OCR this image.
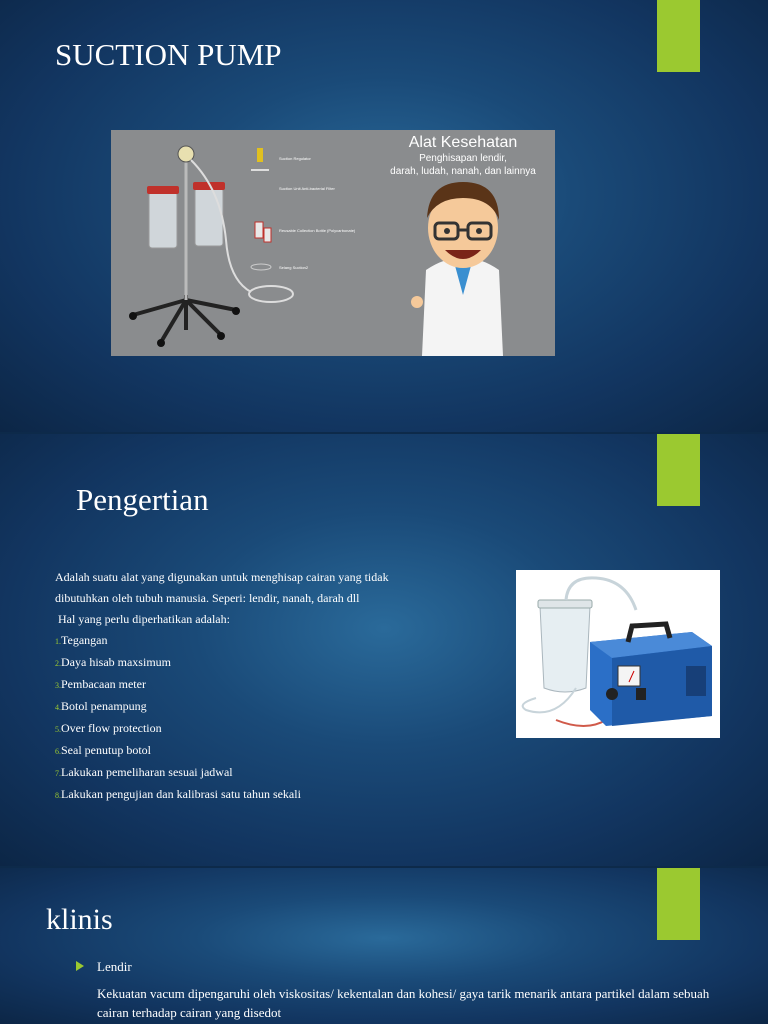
SUCTION PUMP
Alat Kesehatan
Penghisapan lendir,
darah, ludah, nanah, dan lainnya
Suction Regulator
Suction Unit Anti-bacterial Filter
Reusable Collection Bottle (Polycarbonate)
Selang Suction2
Pengertian

Adalah suatu alat yang digunakan untuk menghisap cairan yang tidak

dibutuhkan oleh tubuh manusia. Seperi: lendir, nanah, darah dll

Hal yang perlu diperhatikan adalah:

1.Tegangan
2.Daya hisab maxsimum
3.Pembacaan meter
4.Botol penampung
5.Over flow protection
6.Seal penutup botol
7.Lakukan pemeliharan sesuai jadwal
8.Lakukan pengujian dan kalibrasi satu tahun sekali
klinis
Lendir
Kekuatan vacum dipengaruhi oleh viskositas/ kekentalan dan kohesi/ gaya tarik menarik antara partikel dalam sebuah cairan terhadap cairan yang disedot
